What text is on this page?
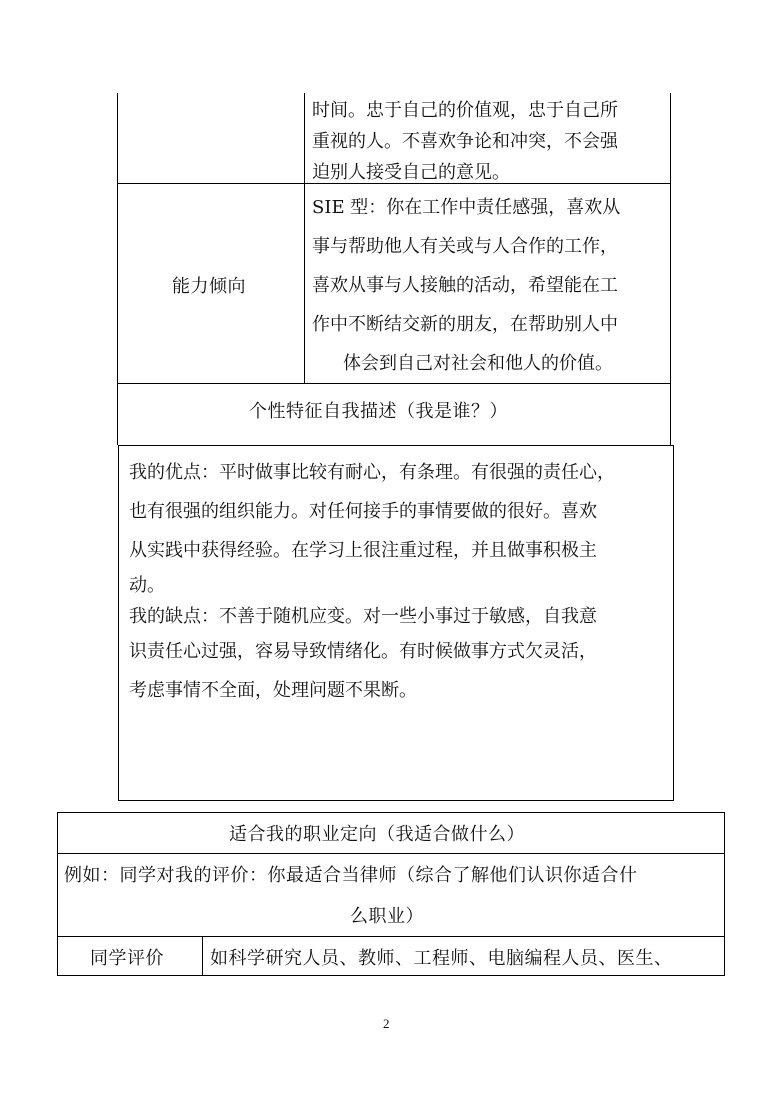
时间。忠于自己的价值观，忠于自己所
重视的人。不喜欢争论和冲突，不会强
迫别人接受自己的意见。
能力倾向
SIE 型：你在工作中责任感强，喜欢从
事与帮助他人有关或与人合作的工作，
喜欢从事与人接触的活动，希望能在工
作中不断结交新的朋友，在帮助别人中
体会到自己对社会和他人的价值。
个性特征自我描述（我是谁？）
我的优点：平时做事比较有耐心，有条理。有很强的责任心，
也有很强的组织能力。对任何接手的事情要做的很好。喜欢
从实践中获得经验。在学习上很注重过程，并且做事积极主
动。
我的缺点：不善于随机应变。对一些小事过于敏感，自我意
识责任心过强，容易导致情绪化。有时候做事方式欠灵活，
考虑事情不全面，处理问题不果断。
适合我的职业定向（我适合做什么）
例如：同学对我的评价：你最适合当律师（综合了解他们认识你适合什
么职业）
同学评价	如科学研究人员、教师、工程师、电脑编程人员、医生、
2
